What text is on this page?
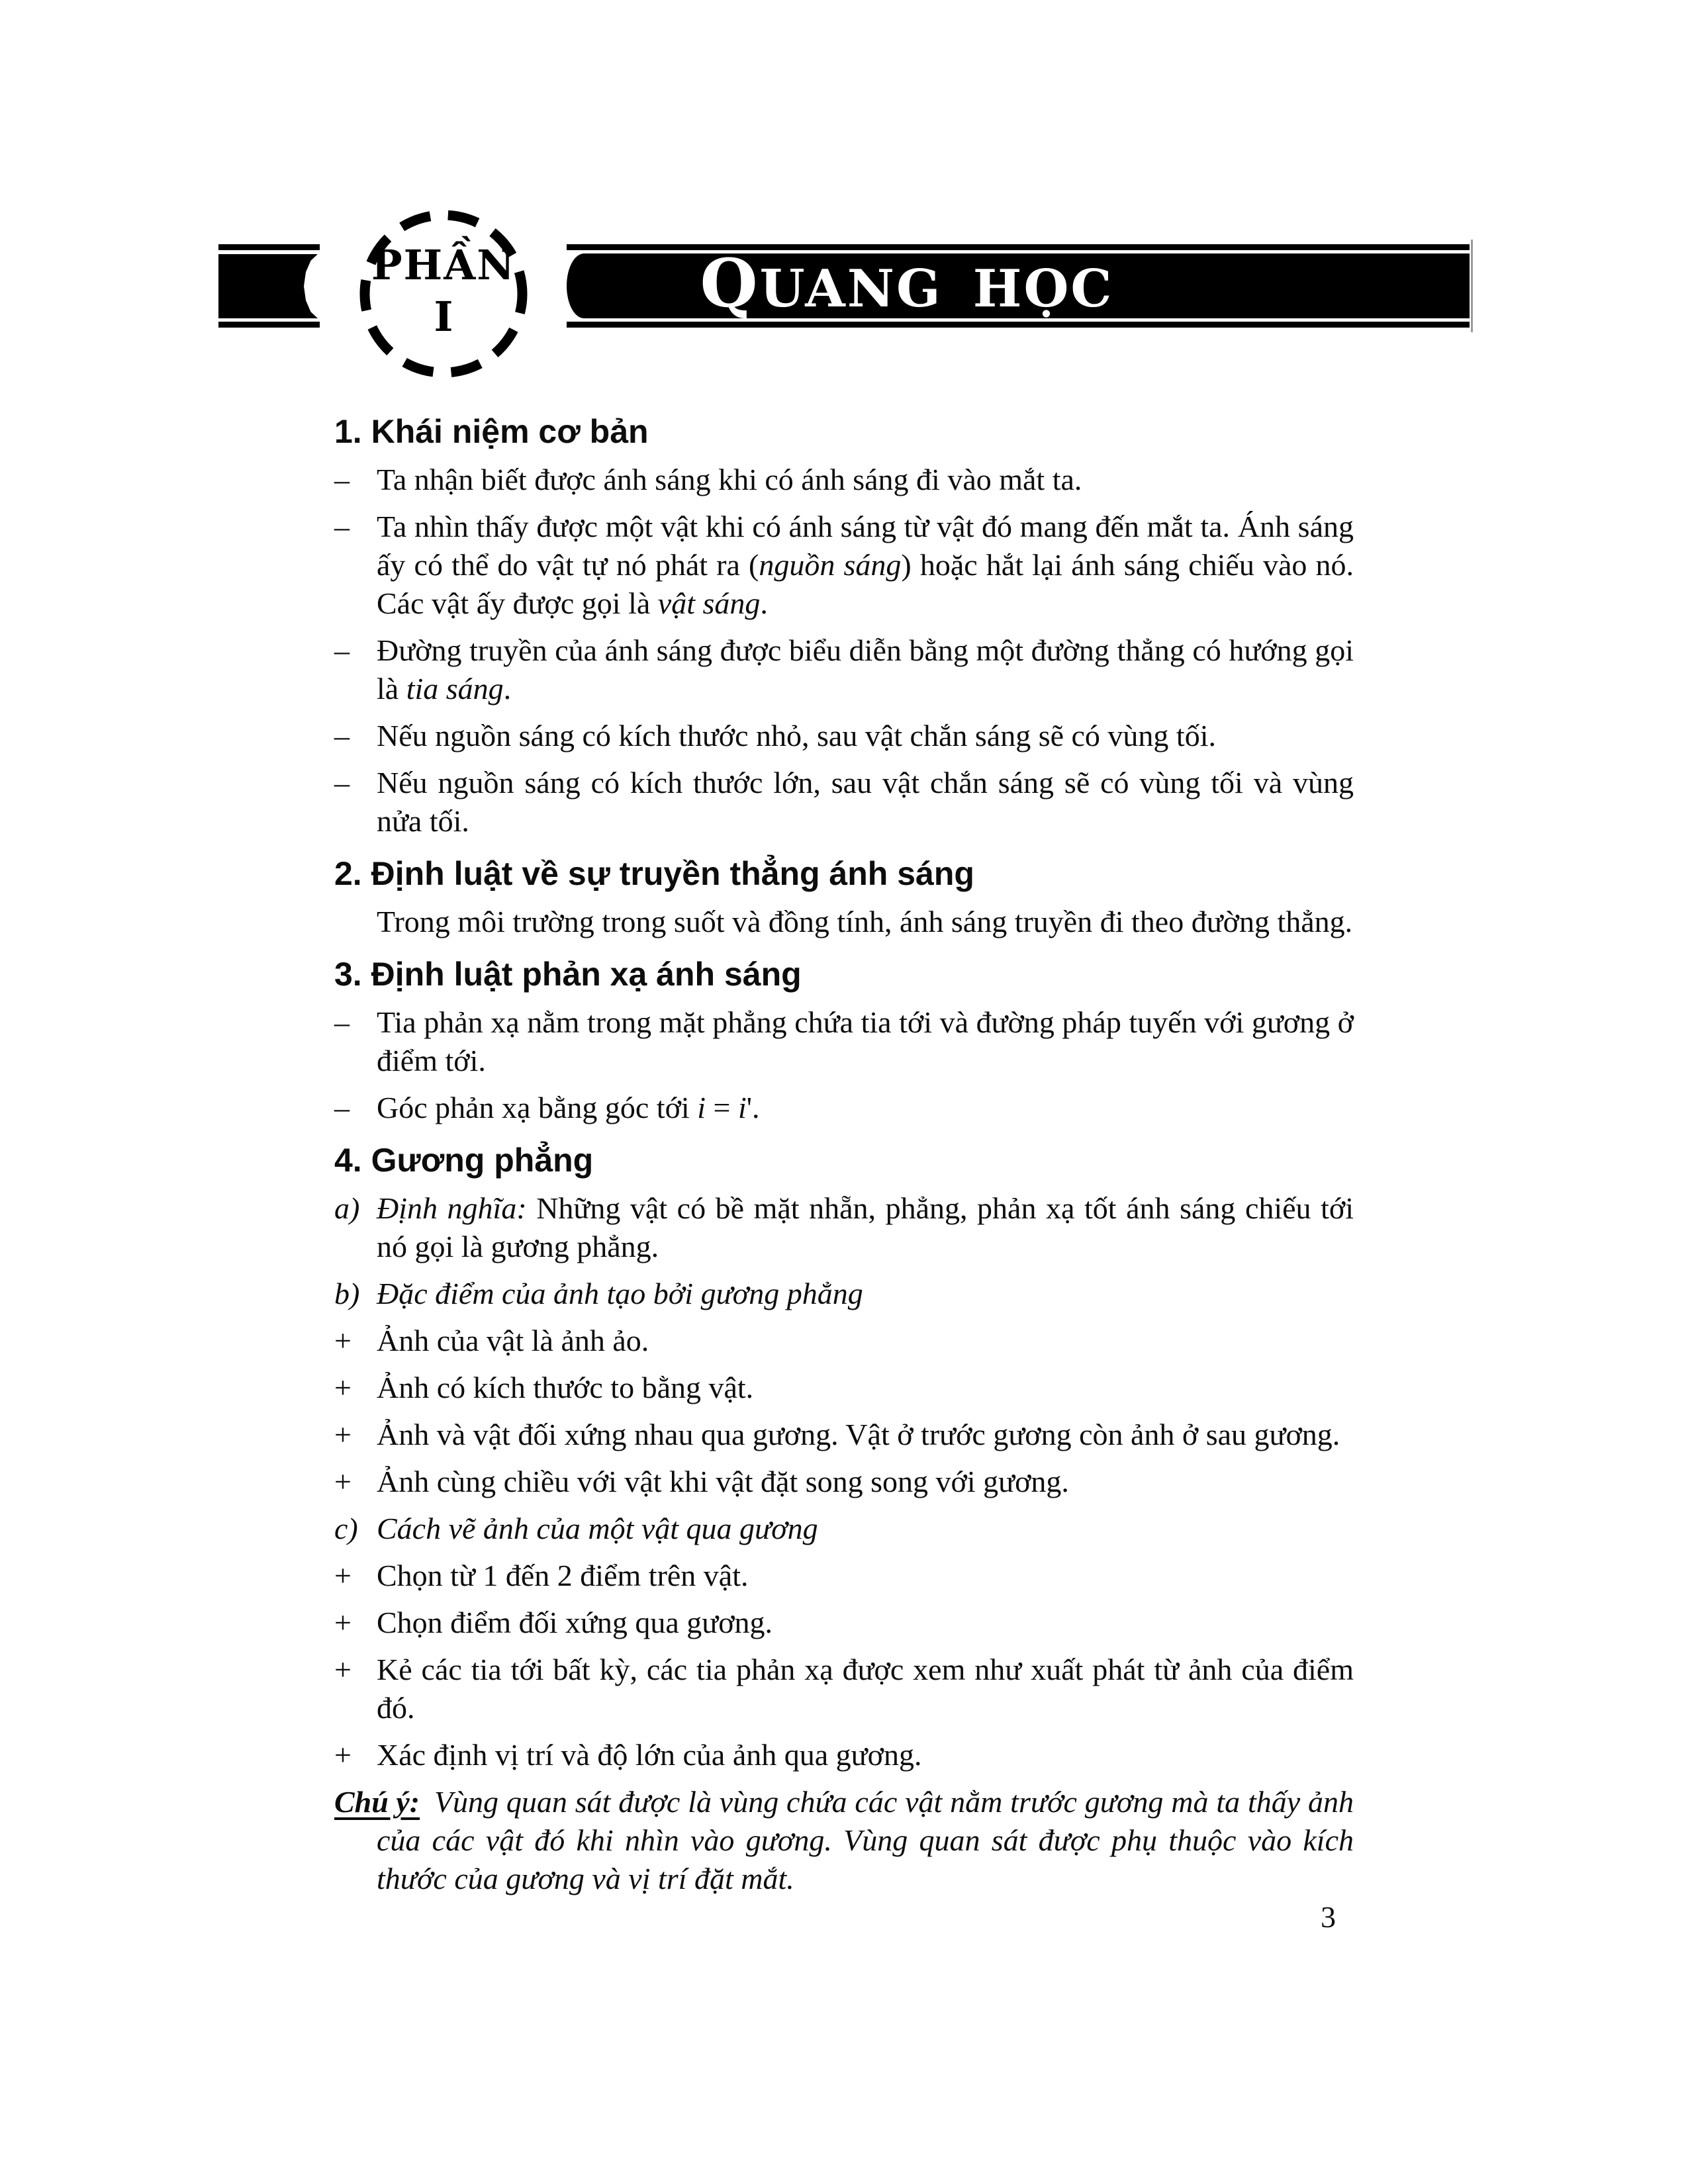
QUANG HỌC
PHẦN
I
1. Khái niệm cơ bản
– Ta nhận biết được ánh sáng khi có ánh sáng đi vào mắt ta.
– Ta nhìn thấy được một vật khi có ánh sáng từ vật đó mang đến mắt ta. Ánh sáng ấy có thể do vật tự nó phát ra (nguồn sáng) hoặc hắt lại ánh sáng chiếu vào nó. Các vật ấy được gọi là vật sáng.
– Đường truyền của ánh sáng được biểu diễn bằng một đường thẳng có hướng gọi là tia sáng.
– Nếu nguồn sáng có kích thước nhỏ, sau vật chắn sáng sẽ có vùng tối.
– Nếu nguồn sáng có kích thước lớn, sau vật chắn sáng sẽ có vùng tối và vùng nửa tối.
2. Định luật về sự truyền thẳng ánh sáng
Trong môi trường trong suốt và đồng tính, ánh sáng truyền đi theo đường thẳng.
3. Định luật phản xạ ánh sáng
– Tia phản xạ nằm trong mặt phẳng chứa tia tới và đường pháp tuyến với gương ở điểm tới.
– Góc phản xạ bằng góc tới i = i'.
4. Gương phẳng
a) Định nghĩa: Những vật có bề mặt nhẵn, phẳng, phản xạ tốt ánh sáng chiếu tới nó gọi là gương phẳng.
b) Đặc điểm của ảnh tạo bởi gương phẳng
+ Ảnh của vật là ảnh ảo.
+ Ảnh có kích thước to bằng vật.
+ Ảnh và vật đối xứng nhau qua gương. Vật ở trước gương còn ảnh ở sau gương.
+ Ảnh cùng chiều với vật khi vật đặt song song với gương.
c) Cách vẽ ảnh của một vật qua gương
+ Chọn từ 1 đến 2 điểm trên vật.
+ Chọn điểm đối xứng qua gương.
+ Kẻ các tia tới bất kỳ, các tia phản xạ được xem như xuất phát từ ảnh của điểm đó.
+ Xác định vị trí và độ lớn của ảnh qua gương.
Chú ý: Vùng quan sát được là vùng chứa các vật nằm trước gương mà ta thấy ảnh của các vật đó khi nhìn vào gương. Vùng quan sát được phụ thuộc vào kích thước của gương và vị trí đặt mắt.
3
